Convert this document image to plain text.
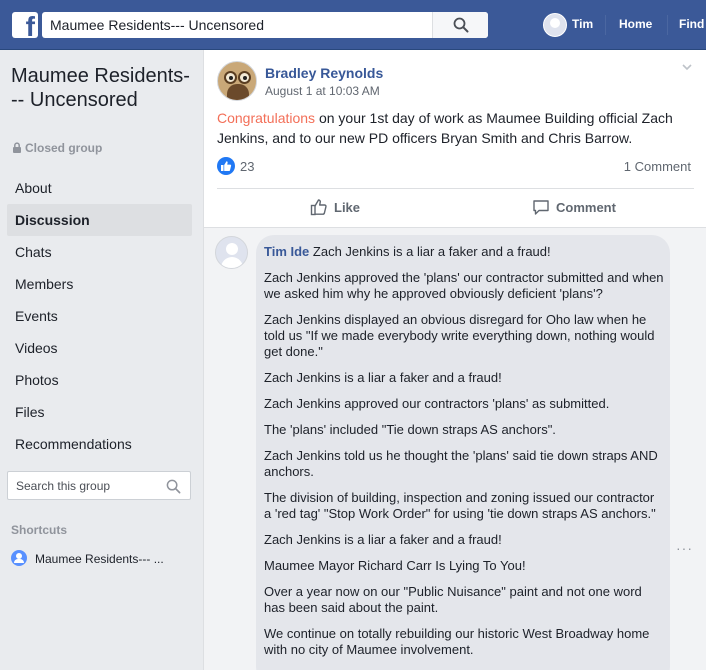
f Maumee Residents--- Uncensored	Tim Home Find
Maumee Residents--- Uncensored
Closed group
About
Discussion
Chats
Members
Events
Videos
Photos
Files
Recommendations
Search this group
Shortcuts
Maumee Residents--- ...
Bradley Reynolds
August 1 at 10:03 AM
Congratulations on your 1st day of work as Maumee Building official Zach Jenkins, and to our new PD officers Bryan Smith and Chris Barrow.
23	1 Comment
Like	Comment

Tim Ide Zach Jenkins is a liar a faker and a fraud!

Zach Jenkins approved the 'plans' our contractor submitted and when we asked him why he approved obviously deficient 'plans'?

Zach Jenkins displayed an obvious disregard for Oho law when he told us "If we made everybody write everything down, nothing would get done."

Zach Jenkins is a liar a faker and a fraud!

Zach Jenkins approved our contractors 'plans' as submitted.

The 'plans' included "Tie down straps AS anchors".

Zach Jenkins told us he thought the 'plans' said tie down straps AND anchors.

The division of building, inspection and zoning issued our contractor a 'red tag' "Stop Work Order" for using 'tie down straps AS anchors."

Zach Jenkins is a liar a faker and a fraud!

Maumee Mayor Richard Carr Is Lying To You!

Over a year now on our "Public Nuisance" paint and not one word has been said about the paint.

We continue on totally rebuilding our historic West Broadway home with no city of Maumee involvement.

···
